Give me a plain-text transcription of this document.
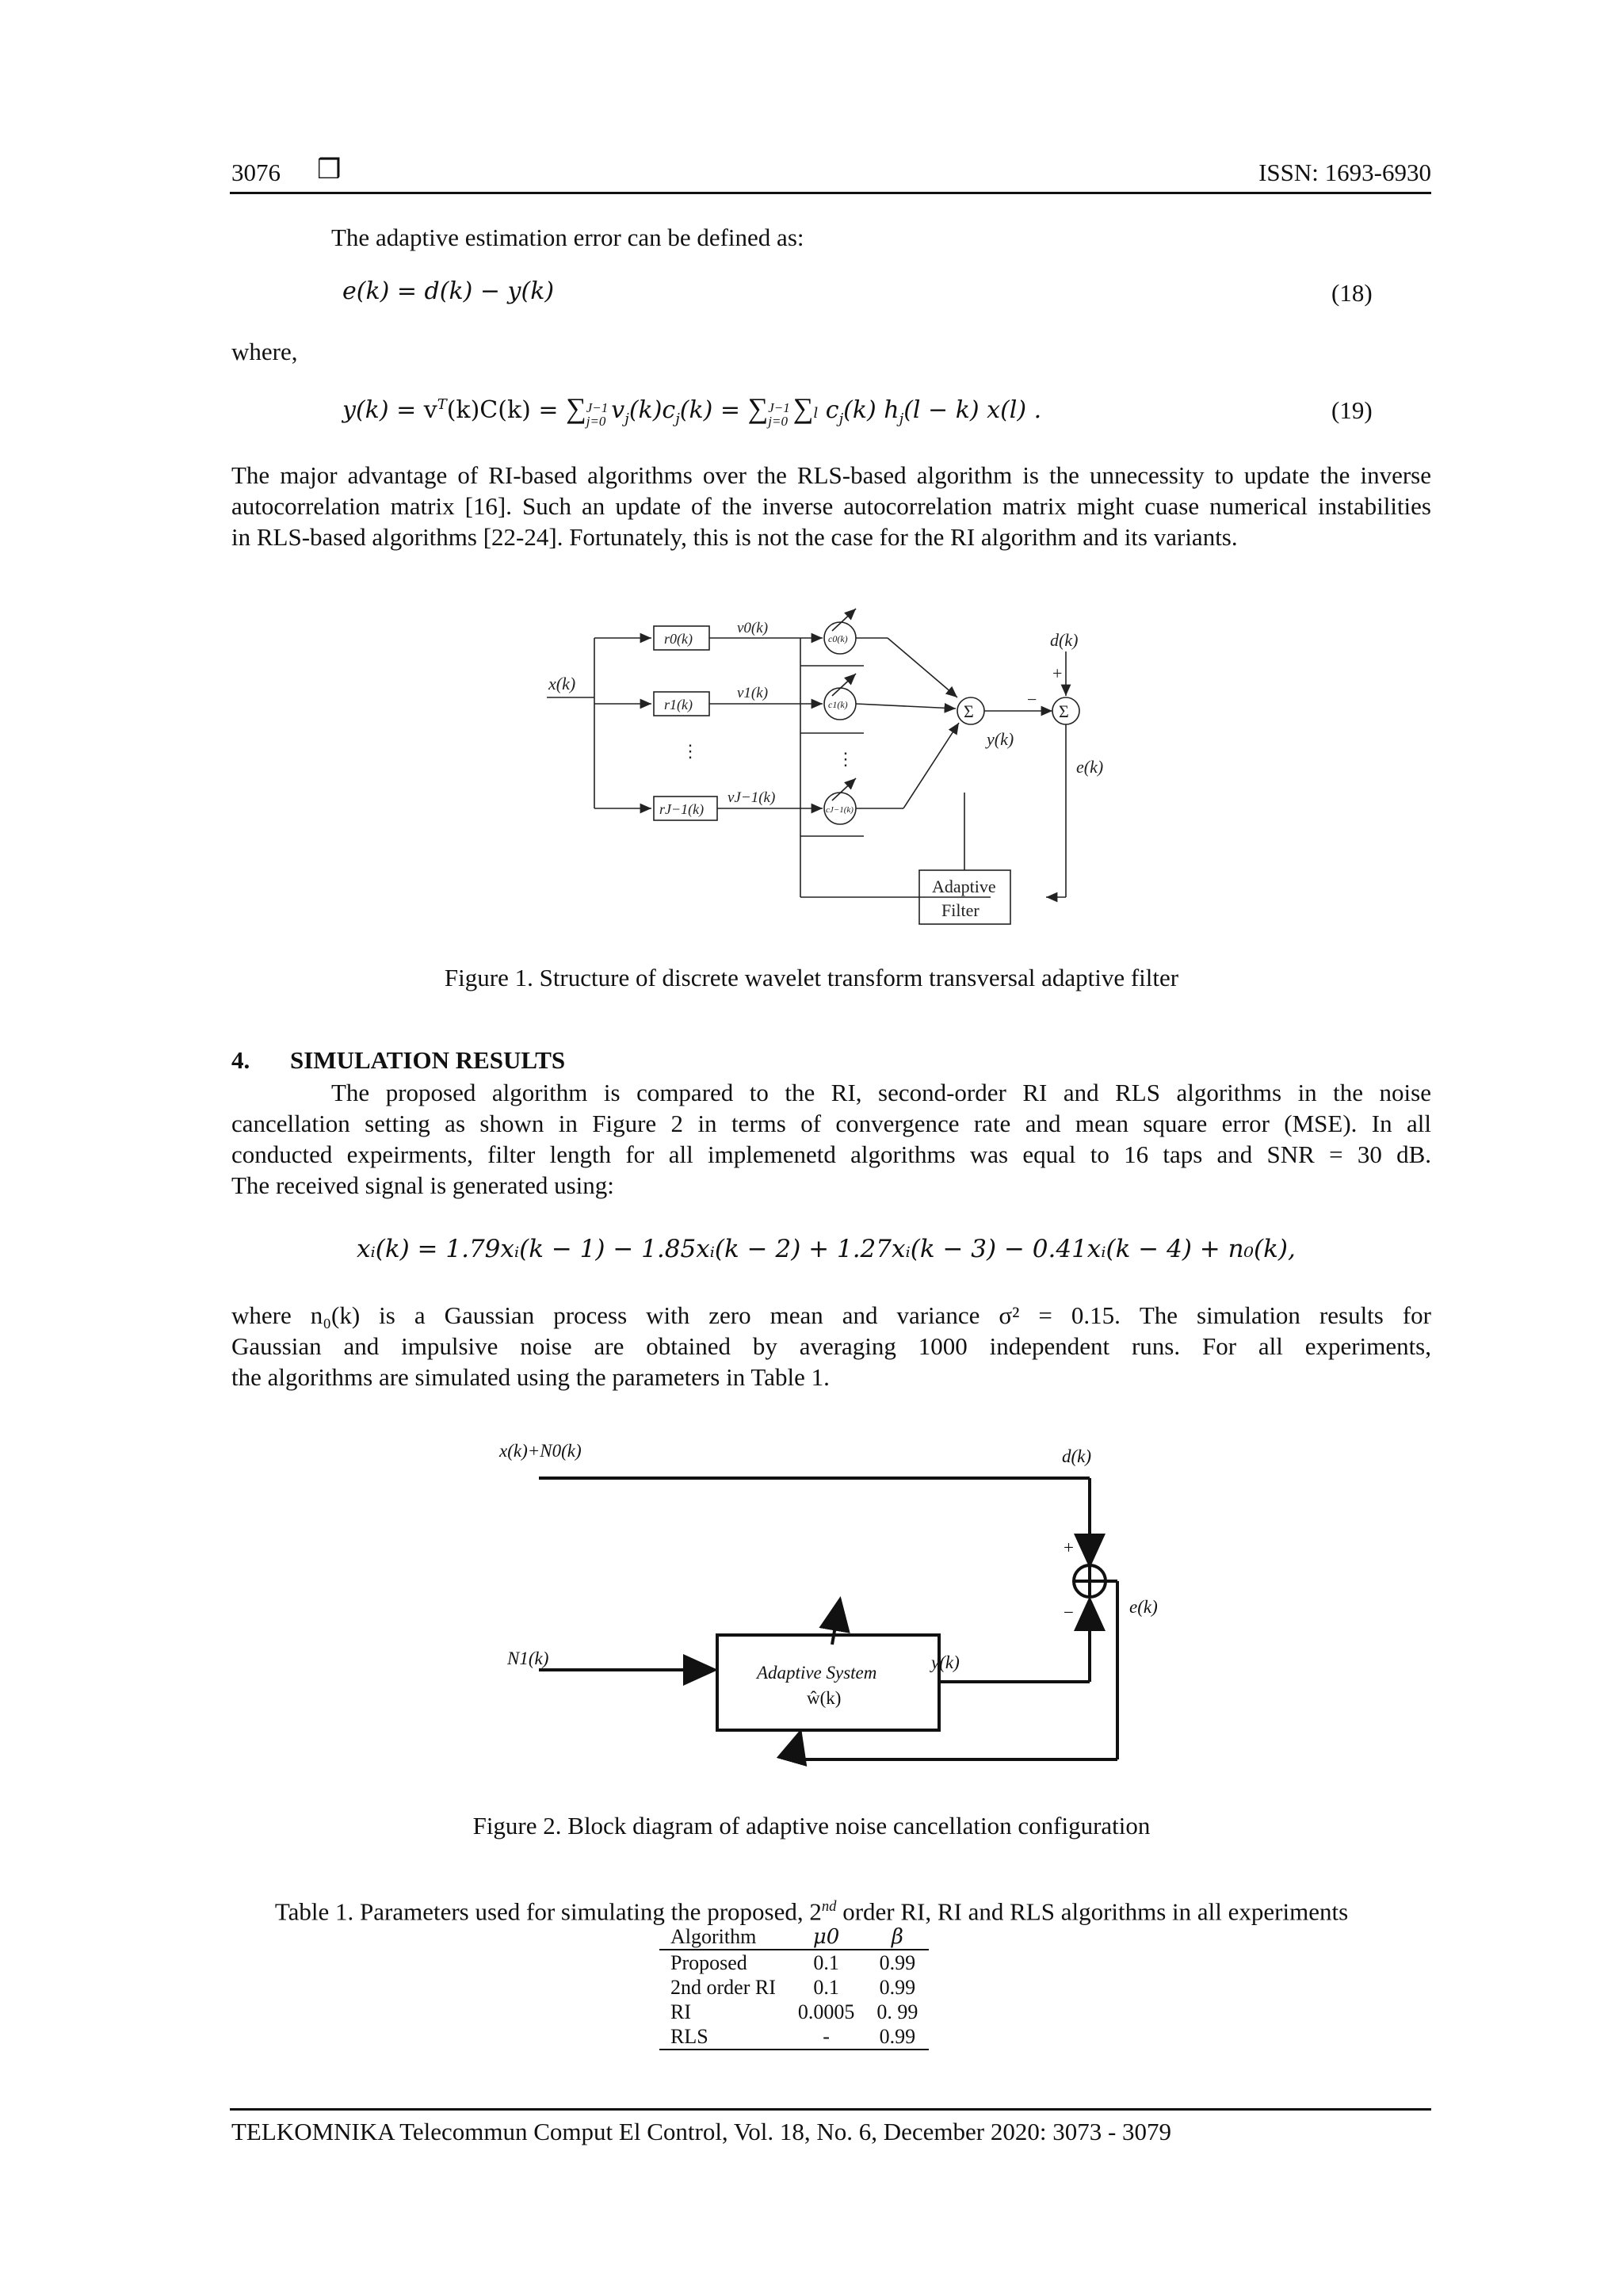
3076 ❒	ISSN: 1693-6930
The adaptive estimation error can be defined as:
e(k) = d(k) − y(k)	(18)
where,
$y(k) = v^T(k)C(k) = \sum J-1$
j=0 $v_j(k)c_j(k) = \sum J-1$
j=0 ∑l $c_j(k) h_j(l - k)$ x(l) .	(19)
The major advantage of RI-based algorithms over the RLS-based algorithm is the unnecessity to update the inverse
autocorrelation matrix [16]. Such an update of the inverse autocorrelation matrix might cuase numerical instabilities
in RLS-based algorithms [22-24]. Fortunately, this is not the case for the RI algorithm and its variants.
x(k)
r0(k)
r1(k)
rJ−1(k)
v0(k)
v1(k)
vJ−1(k)
c0(k)
c1(k)
cJ−1(k)
Σ	Σ
y(k)
d(k)
+
−
e(k)
Adaptive
Filter
⋮	⋮
Figure 1. Structure of discrete wavelet transform transversal adaptive filter
4. SIMULATION RESULTS
The proposed algorithm is compared to the RI, second-order RI and RLS algorithms in the noise
cancellation setting as shown in Figure 2 in terms of convergence rate and mean square error (MSE). In all
conducted expeirments, filter length for all implemenetd algorithms was equal to 16 taps and SNR = 30 dB.
The received signal is generated using:
xᵢ(k) = 1.79xᵢ(k − 1) − 1.85xᵢ(k − 2) + 1.27xᵢ(k − 3) − 0.41xᵢ(k − 4) + n₀(k),
where n₀(k) is a Gaussian process with zero mean and variance σ² = 0.15. The simulation results for
Gaussian and impulsive noise are obtained by averaging 1000 independent runs. For all experiments,
the algorithms are simulated using the parameters in Table 1.
x(k)+N0(k)	d(k)
+
−	e(k)
N1(k)
Adaptive System
ŵ(k)
y(k)
Figure 2. Block diagram of adaptive noise cancellation configuration
Table 1. Parameters used for simulating the proposed, 2nd order RI, RI and RLS algorithms in all experiments
Algorithm	μ0	β
Proposed	0.1	0.99
2nd order RI	0.1	0.99
RI	0.0005	0. 99
RLS	-	0.99
TELKOMNIKA Telecommun Comput El Control, Vol. 18, No. 6, December 2020: 3073 - 3079
